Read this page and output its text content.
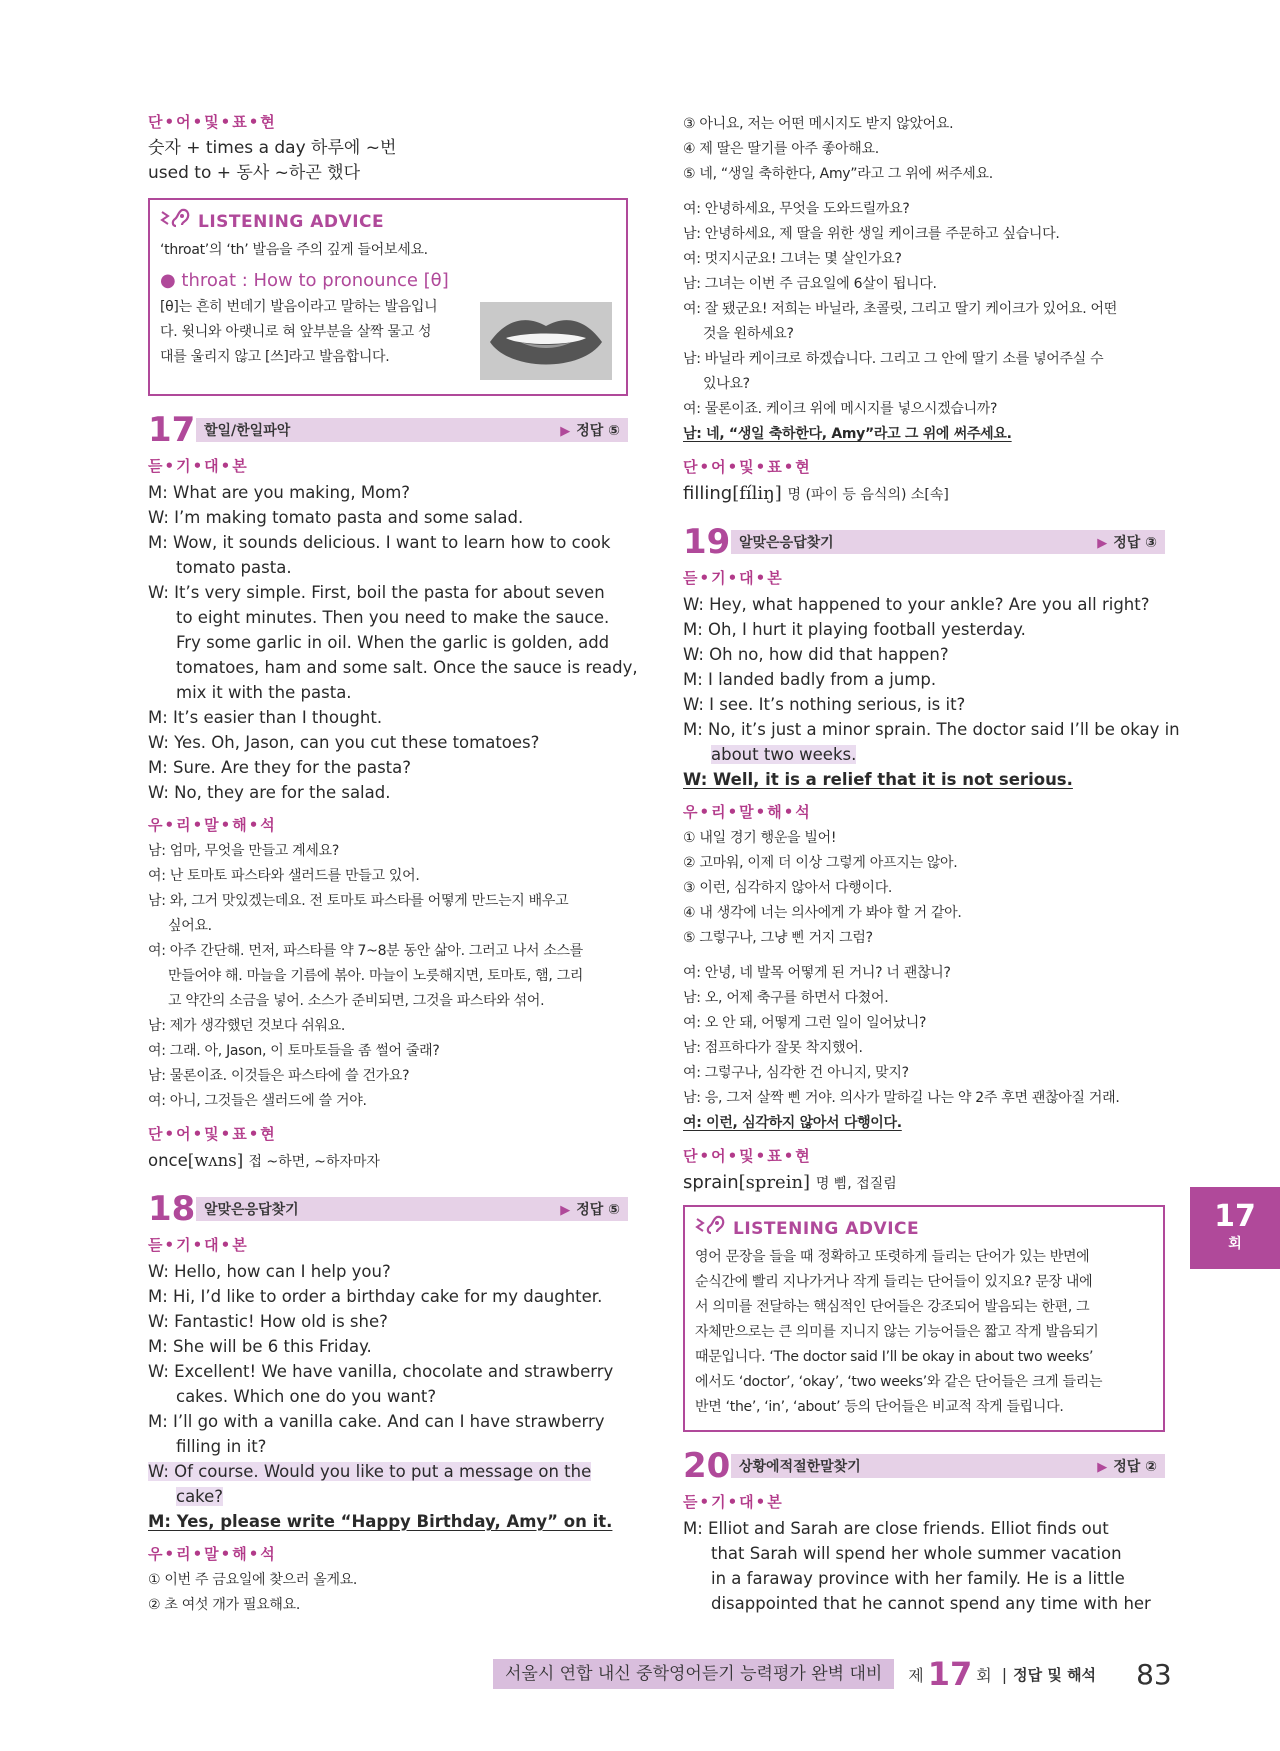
단•어•및•표•현

숫자 + times a day 하루에 ~번

used to + 동사 ~하곤 했다

LISTENING ADVICE

‘throat’의 ‘th’ 발음을 주의 깊게 들어보세요.

● throat : How to pronounce [θ]

[θ]는 흔히 번데기 발음이라고 말하는 발음입니

다. 윗니와 아랫니로 혀 앞부분을 살짝 물고 성

대를 울리지 않고 [쓰]라고 발음합니다.

17 할일/한일파악	▶ 정답 ⑤

듣•기•대•본

M: What are you making, Mom?

W: I’m making tomato pasta and some salad.

M: Wow, it sounds delicious. I want to learn how to cook

tomato pasta.

W: It’s very simple. First, boil the pasta for about seven

to eight minutes. Then you need to make the sauce.

Fry some garlic in oil. When the garlic is golden, add

tomatoes, ham and some salt. Once the sauce is ready,

mix it with the pasta.

M: It’s easier than I thought.

W: Yes. Oh, Jason, can you cut these tomatoes?

M: Sure. Are they for the pasta?

W: No, they are for the salad.

우•리•말•해•석

남: 엄마, 무엇을 만들고 계세요?

여: 난 토마토 파스타와 샐러드를 만들고 있어.

남: 와, 그거 맛있겠는데요. 전 토마토 파스타를 어떻게 만드는지 배우고

싶어요.

여: 아주 간단해. 먼저, 파스타를 약 7~8분 동안 삶아. 그러고 나서 소스를

만들어야 해. 마늘을 기름에 볶아. 마늘이 노릇해지면, 토마토, 햄, 그리

고 약간의 소금을 넣어. 소스가 준비되면, 그것을 파스타와 섞어.

남: 제가 생각했던 것보다 쉬워요.

여: 그래. 아, Jason, 이 토마토들을 좀 썰어 줄래?

남: 물론이죠. 이것들은 파스타에 쓸 건가요?

여: 아니, 그것들은 샐러드에 쓸 거야.

단•어•및•표•현

once[wʌns] 접 ~하면, ~하자마자

18 알맞은응답찾기	▶ 정답 ⑤

듣•기•대•본

W: Hello, how can I help you?

M: Hi, I’d like to order a birthday cake for my daughter.

W: Fantastic! How old is she?

M: She will be 6 this Friday.

W: Excellent! We have vanilla, chocolate and strawberry

cakes. Which one do you want?

M: I’ll go with a vanilla cake. And can I have strawberry

filling in it?

W: Of course. Would you like to put a message on the

cake?

M: Yes, please write “Happy Birthday, Amy” on it.

우•리•말•해•석

① 이번 주 금요일에 찾으러 올게요.

② 초 여섯 개가 필요해요.

③ 아니요, 저는 어떤 메시지도 받지 않았어요.

④ 제 딸은 딸기를 아주 좋아해요.

⑤ 네, “생일 축하한다, Amy”라고 그 위에 써주세요.

여: 안녕하세요, 무엇을 도와드릴까요?

남: 안녕하세요, 제 딸을 위한 생일 케이크를 주문하고 싶습니다.

여: 멋지시군요! 그녀는 몇 살인가요?

남: 그녀는 이번 주 금요일에 6살이 됩니다.

여: 잘 됐군요! 저희는 바닐라, 초콜릿, 그리고 딸기 케이크가 있어요. 어떤

것을 원하세요?

남: 바닐라 케이크로 하겠습니다. 그리고 그 안에 딸기 소를 넣어주실 수

있나요?

여: 물론이죠. 케이크 위에 메시지를 넣으시겠습니까?

남: 네, “생일 축하한다, Amy”라고 그 위에 써주세요.

단•어•및•표•현

filling[fíliŋ] 명 (파이 등 음식의) 소[속]

19 알맞은응답찾기	▶ 정답 ③

듣•기•대•본

W: Hey, what happened to your ankle? Are you all right?

M: Oh, I hurt it playing football yesterday.

W: Oh no, how did that happen?

M: I landed badly from a jump.

W: I see. It’s nothing serious, is it?

M: No, it’s just a minor sprain. The doctor said I’ll be okay in

about two weeks.

W: Well, it is a relief that it is not serious.

우•리•말•해•석

① 내일 경기 행운을 빌어!

② 고마워, 이제 더 이상 그렇게 아프지는 않아.

③ 이런, 심각하지 않아서 다행이다.

④ 내 생각에 너는 의사에게 가 봐야 할 거 같아.

⑤ 그렇구나, 그냥 삔 거지 그럼?

여: 안녕, 네 발목 어떻게 된 거니? 너 괜찮니?

남: 오, 어제 축구를 하면서 다쳤어.

여: 오 안 돼, 어떻게 그런 일이 일어났니?

남: 점프하다가 잘못 착지했어.

여: 그렇구나, 심각한 건 아니지, 맞지?

남: 응, 그저 살짝 삔 거야. 의사가 말하길 나는 약 2주 후면 괜찮아질 거래.

여: 이런, 심각하지 않아서 다행이다.

단•어•및•표•현

sprain[sprein] 명 삠, 접질림

LISTENING ADVICE

영어 문장을 들을 때 정확하고 또렷하게 들리는 단어가 있는 반면에

순식간에 빨리 지나가거나 작게 들리는 단어들이 있지요? 문장 내에

서 의미를 전달하는 핵심적인 단어들은 강조되어 발음되는 한편, 그

자체만으로는 큰 의미를 지니지 않는 기능어들은 짧고 작게 발음되기

때문입니다. ‘The doctor said I’ll be okay in about two weeks’

에서도 ‘doctor’, ‘okay’, ‘two weeks’와 같은 단어들은 크게 들리는

반면 ‘the’, ‘in’, ‘about’ 등의 단어들은 비교적 작게 들립니다.

20 상황에적절한말찾기	▶ 정답 ②

듣•기•대•본

M: Elliot and Sarah are close friends. Elliot finds out

that Sarah will spend her whole summer vacation

in a faraway province with her family. He is a little

disappointed that he cannot spend any time with her

17
회
서울시 연합 내신 중학영어듣기 능력평가 완벽 대비	제 17 회 | 정답 및 해석 83
